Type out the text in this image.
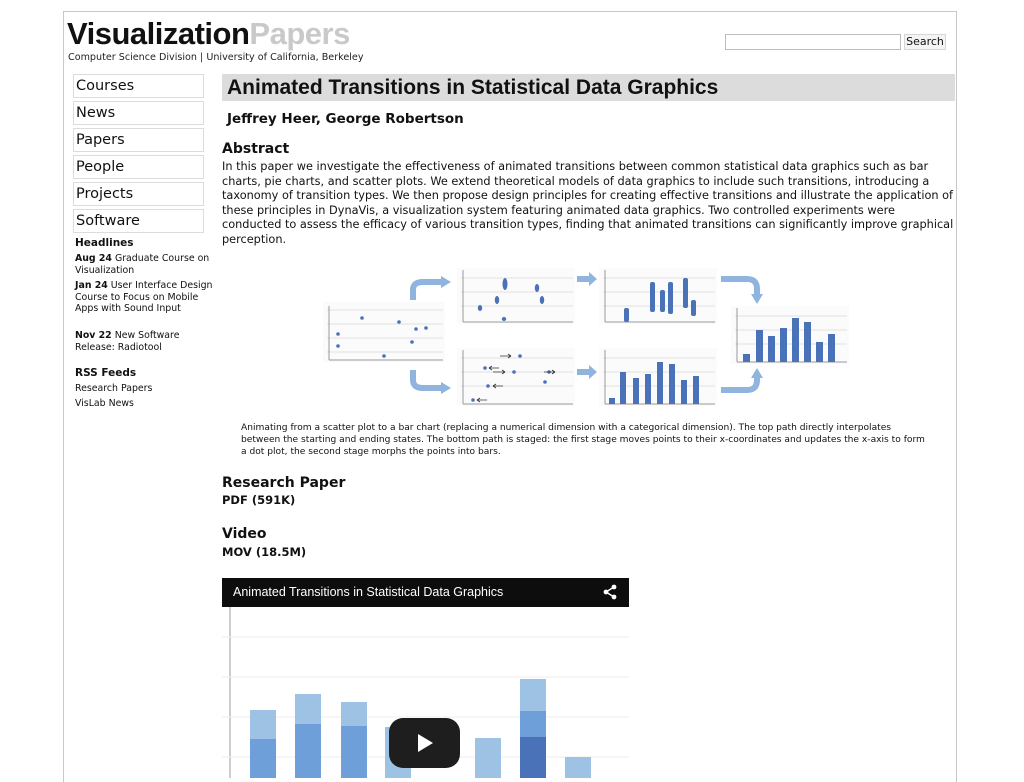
VisualizationPapers
Computer Science Division | University of California, Berkeley
Search
Courses
News
Papers
People
Projects
Software
Headlines
Aug 24 Graduate Course on Visualization
Jan 24 User Interface Design Course to Focus on Mobile Apps with Sound Input
Nov 22 New Software Release: Radiotool
RSS Feeds
Research Papers
VisLab News
Animated Transitions in Statistical Data Graphics
Jeffrey Heer, George Robertson
Abstract
In this paper we investigate the effectiveness of animated transitions between common statistical data graphics such as bar charts, pie charts, and scatter plots. We extend theoretical models of data graphics to include such transitions, introducing a taxonomy of transition types. We then propose design principles for creating effective transitions and illustrate the application of these principles in DynaVis, a visualization system featuring animated data graphics. Two controlled experiments were conducted to assess the efficacy of various transition types, finding that animated transitions can significantly improve graphical perception.
Animating from a scatter plot to a bar chart (replacing a numerical dimension with a categorical dimension). The top path directly interpolates between the starting and ending states. The bottom path is staged: the first stage moves points to their x-coordinates and updates the x-axis to form a dot plot, the second stage morphs the points into bars.
Research Paper
PDF (591K)
Video
MOV (18.5M)
Animated Transitions in Statistical Data Graphics
